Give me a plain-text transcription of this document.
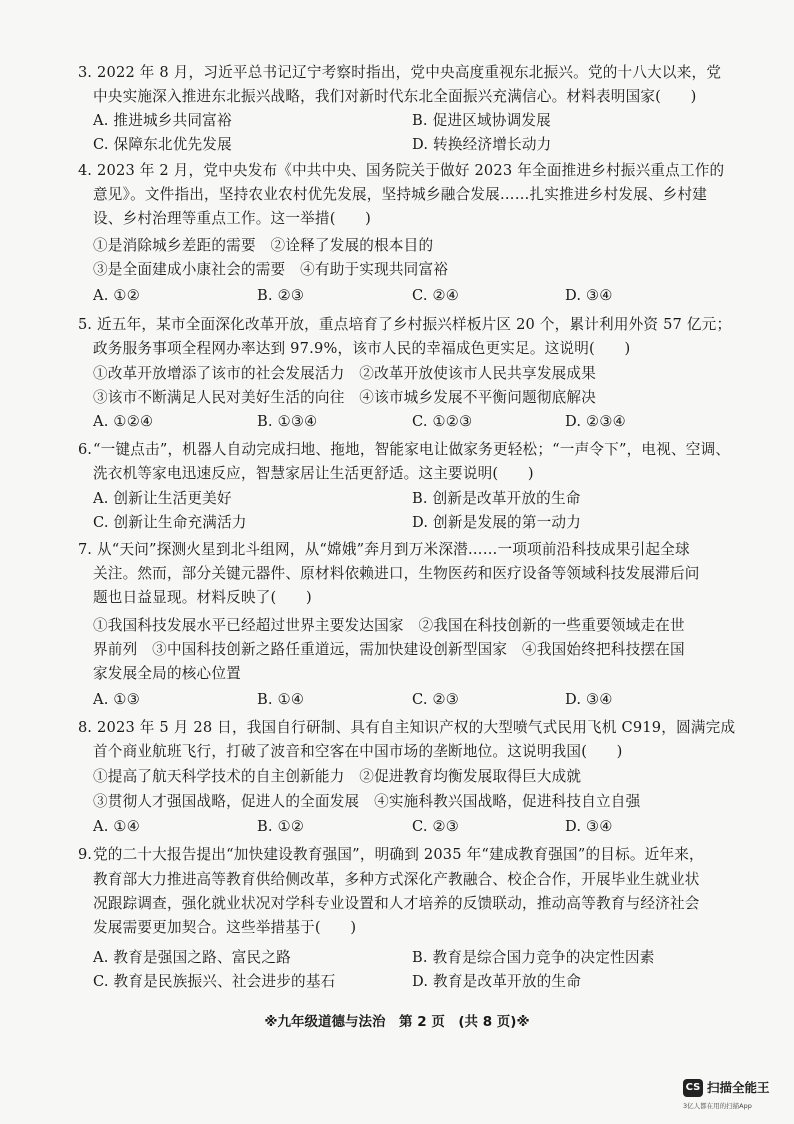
3. 2022 年 8 月，习近平总书记辽宁考察时指出，党中央高度重视东北振兴。党的十八大以来，党
中央实施深入推进东北振兴战略，我们对新时代东北全面振兴充满信心。材料表明国家(　　)
A. 推进城乡共同富裕	B. 促进区域协调发展
C. 保障东北优先发展	D. 转换经济增长动力
4. 2023 年 2 月，党中央发布《中共中央、国务院关于做好 2023 年全面推进乡村振兴重点工作的
意见》。文件指出，坚持农业农村优先发展，坚持城乡融合发展……扎实推进乡村发展、乡村建
设、乡村治理等重点工作。这一举措(　　)
①是消除城乡差距的需要　②诠释了发展的根本目的
③是全面建成小康社会的需要　④有助于实现共同富裕
A. ①②	B. ②③	C. ②④	D. ③④
5. 近五年，某市全面深化改革开放，重点培育了乡村振兴样板片区 20 个，累计利用外资 57 亿元；
政务服务事项全程网办率达到 97.9%，该市人民的幸福成色更实足。这说明(　　)
①改革开放增添了该市的社会发展活力　②改革开放使该市人民共享发展成果
③该市不断满足人民对美好生活的向往　④该市城乡发展不平衡问题彻底解决
A. ①②④	B. ①③④	C. ①②③	D. ②③④
6. “一键点击”，机器人自动完成扫地、拖地，智能家电让做家务更轻松；“一声令下”，电视、空调、
洗衣机等家电迅速反应，智慧家居让生活更舒适。这主要说明(　　)
A. 创新让生活更美好	B. 创新是改革开放的生命
C. 创新让生命充满活力	D. 创新是发展的第一动力
7. 从“天问”探测火星到北斗组网，从“嫦娥”奔月到万米深潜……一项项前沿科技成果引起全球
关注。然而，部分关键元器件、原材料依赖进口，生物医药和医疗设备等领域科技发展滞后问
题也日益显现。材料反映了(　　)
①我国科技发展水平已经超过世界主要发达国家　②我国在科技创新的一些重要领域走在世
界前列　③中国科技创新之路任重道远，需加快建设创新型国家　④我国始终把科技摆在国
家发展全局的核心位置
A. ①③	B. ①④	C. ②③	D. ③④
8. 2023 年 5 月 28 日，我国自行研制、具有自主知识产权的大型喷气式民用飞机 C919，圆满完成
首个商业航班飞行，打破了波音和空客在中国市场的垄断地位。这说明我国(　　)
①提高了航天科学技术的自主创新能力　②促进教育均衡发展取得巨大成就
③贯彻人才强国战略，促进人的全面发展　④实施科教兴国战略，促进科技自立自强
A. ①④	B. ①②	C. ②③	D. ③④
9. 党的二十大报告提出“加快建设教育强国”，明确到 2035 年“建成教育强国”的目标。近年来，
教育部大力推进高等教育供给侧改革，多种方式深化产教融合、校企合作，开展毕业生就业状
况跟踪调查，强化就业状况对学科专业设置和人才培养的反馈联动，推动高等教育与经济社会
发展需要更加契合。这些举措基于(　　)
A. 教育是强国之路、富民之路	B. 教育是综合国力竞争的决定性因素
C. 教育是民族振兴、社会进步的基石	D. 教育是改革开放的生命
※九年级道德与法治　第 2 页　(共 8 页)※
CS 扫描全能王
3亿人都在用的扫描App
